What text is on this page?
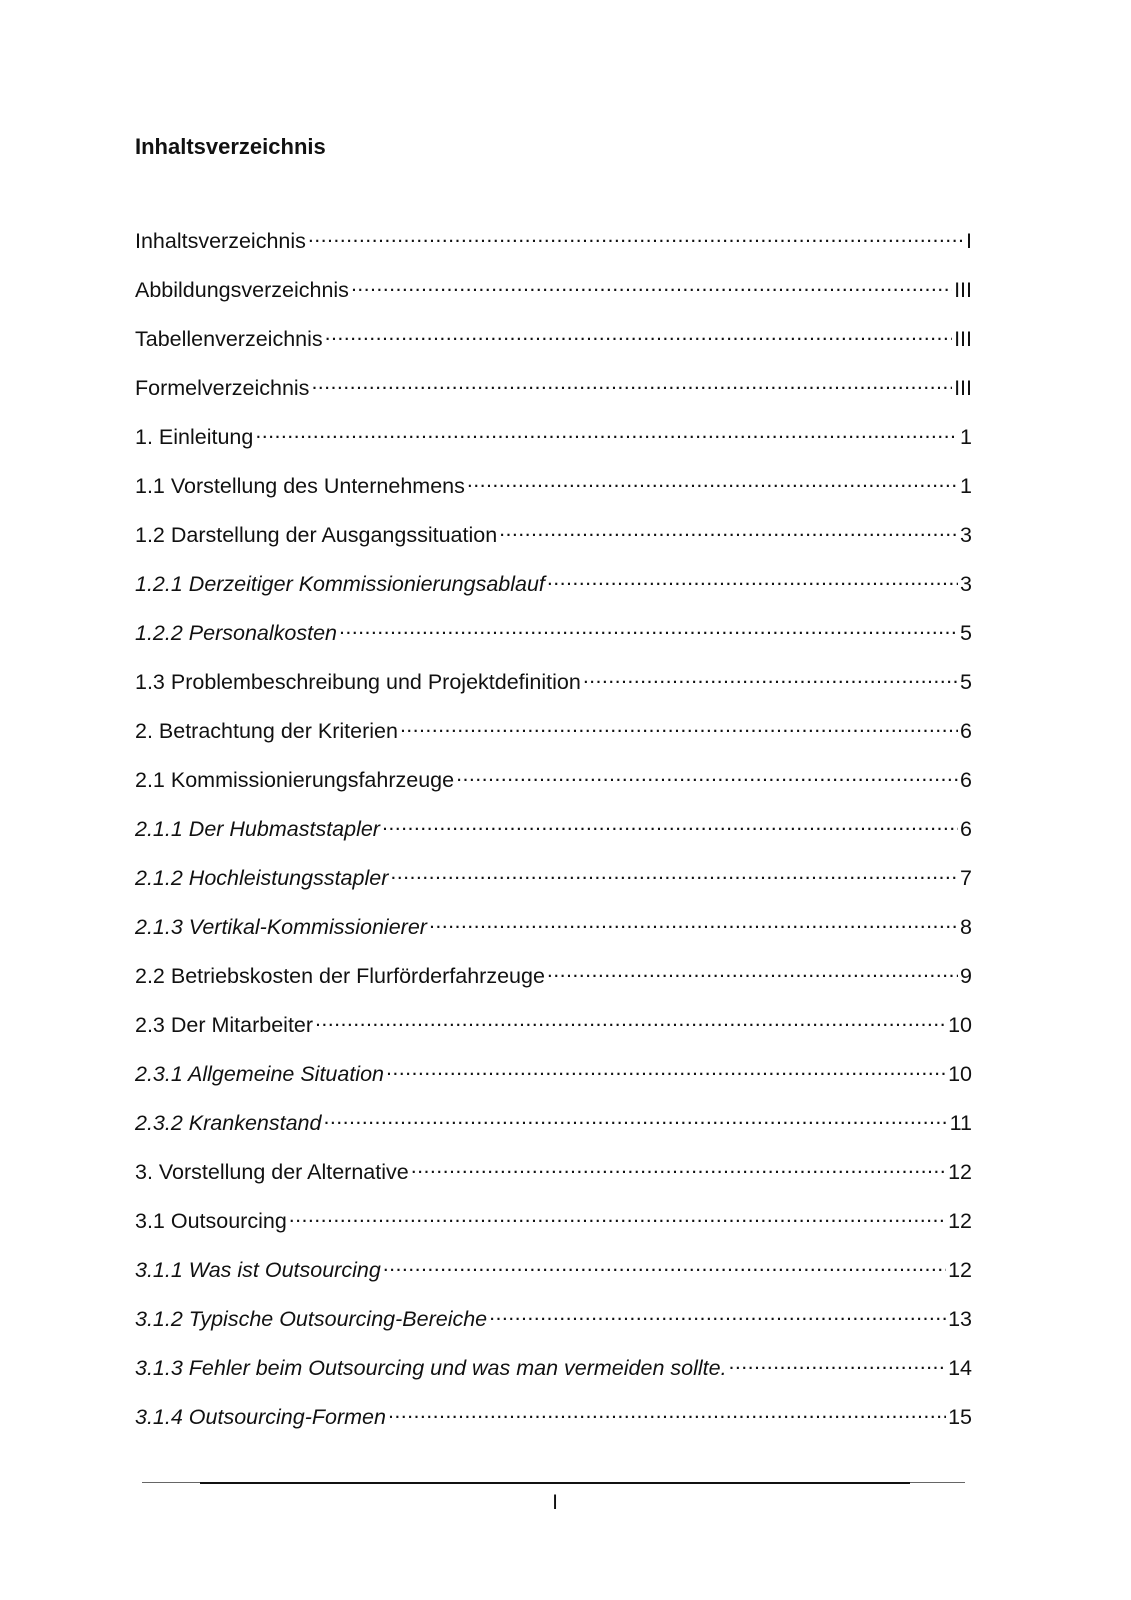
Inhaltsverzeichnis
Inhaltsverzeichnis .....	I
Abbildungsverzeichnis .....	III
Tabellenverzeichnis .....	III
Formelverzeichnis .....	III
1. Einleitung .....	1
1.1 Vorstellung des Unternehmens .....	1
1.2 Darstellung der Ausgangssituation .....	3
1.2.1 Derzeitiger Kommissionierungsablauf .....	3
1.2.2 Personalkosten .....	5
1.3 Problembeschreibung und Projektdefinition .....	5
2. Betrachtung der Kriterien .....	6
2.1 Kommissionierungsfahrzeuge .....	6
2.1.1 Der Hubmaststapler .....	6
2.1.2 Hochleistungsstapler .....	7
2.1.3 Vertikal-Kommissionierer .....	8
2.2 Betriebskosten der Flurförderfahrzeuge .....	9
2.3 Der Mitarbeiter .....	10
2.3.1 Allgemeine Situation .....	10
2.3.2 Krankenstand .....	11
3. Vorstellung der Alternative .....	12
3.1 Outsourcing .....	12
3.1.1 Was ist Outsourcing .....	12
3.1.2 Typische Outsourcing-Bereiche .....	13
3.1.3 Fehler beim Outsourcing und was man vermeiden sollte. .....	14
3.1.4 Outsourcing-Formen .....	15
I
